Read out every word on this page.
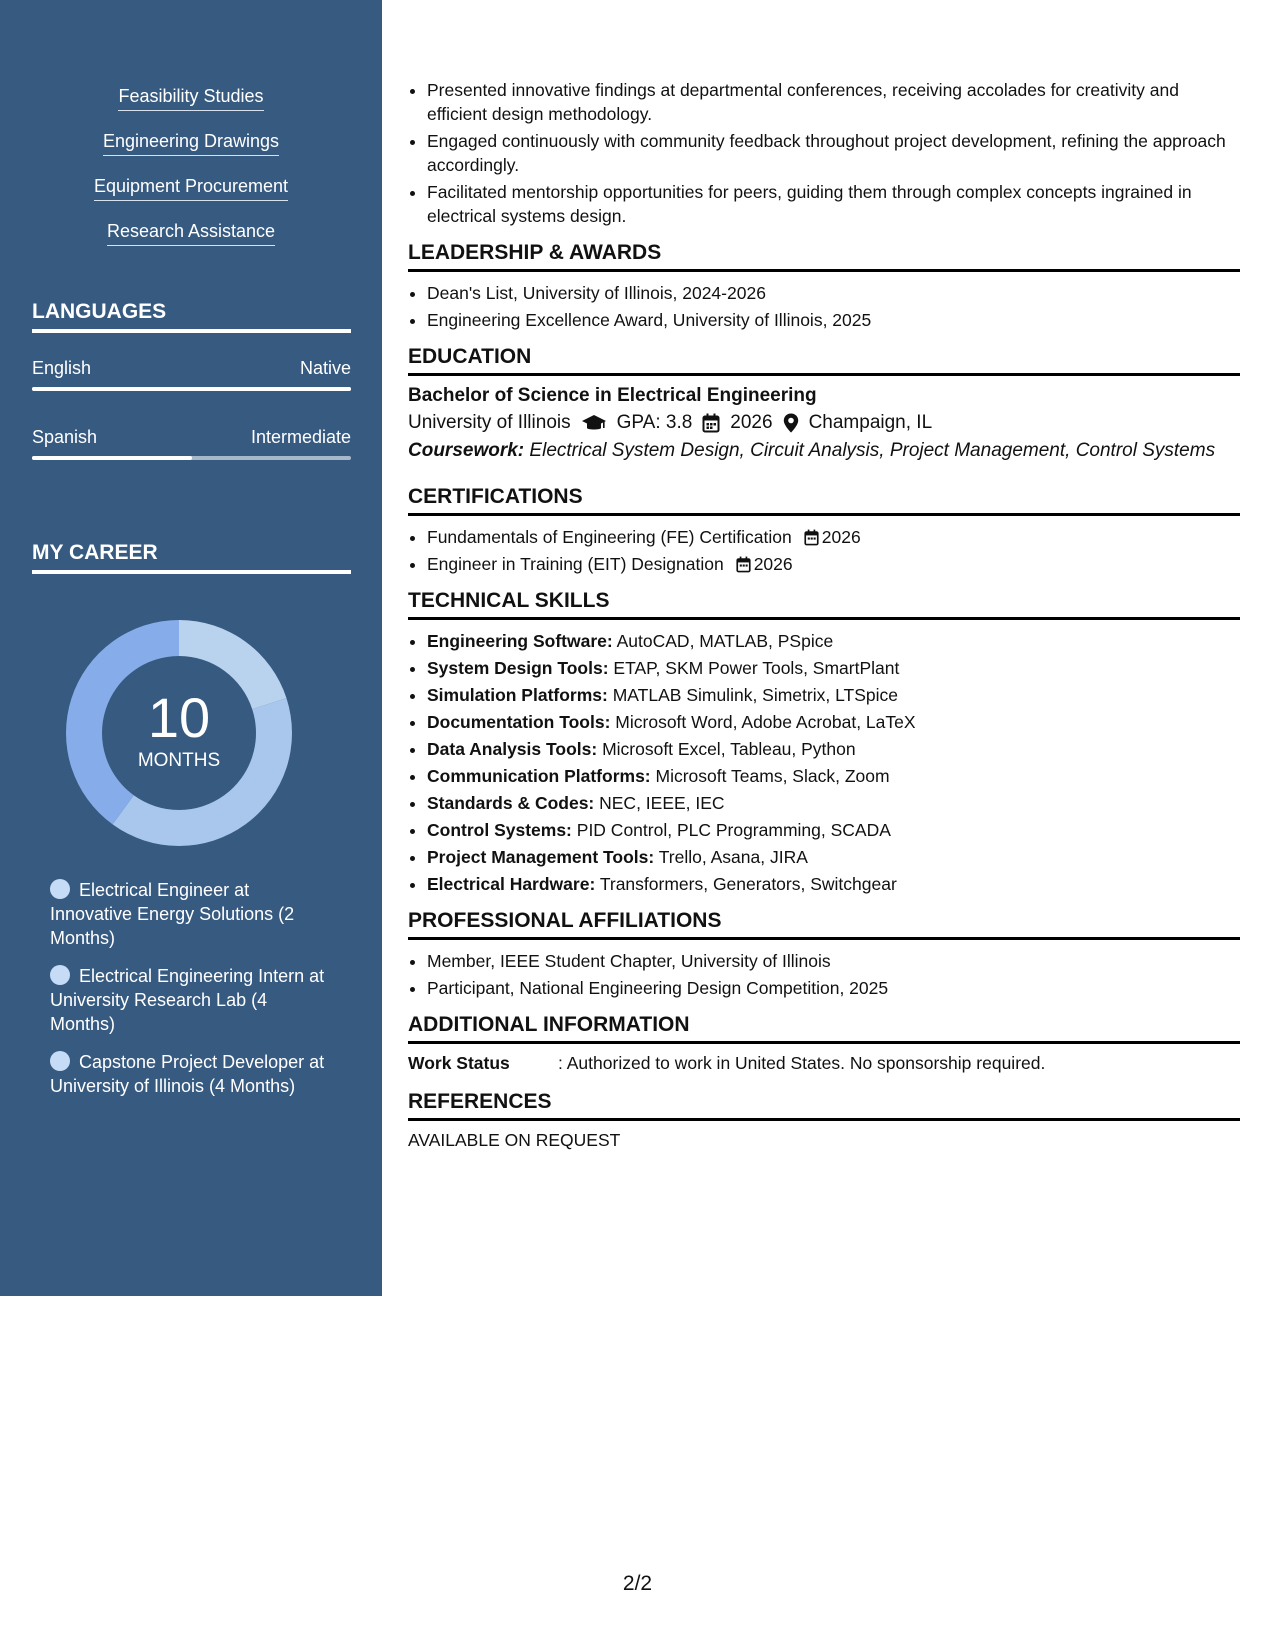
Feasibility Studies
Engineering Drawings
Equipment Procurement
Research Assistance
LANGUAGES
English	Native
Spanish	Intermediate
MY CAREER
10
MONTHS
Electrical Engineer at Innovative Energy Solutions (2 Months)
Electrical Engineering Intern at University Research Lab (4 Months)
Capstone Project Developer at University of Illinois (4 Months)
• Presented innovative findings at departmental conferences, receiving accolades for creativity and efficient design methodology.
• Engaged continuously with community feedback throughout project development, refining the approach accordingly.
• Facilitated mentorship opportunities for peers, guiding them through complex concepts ingrained in electrical systems design.
LEADERSHIP & AWARDS
• Dean's List, University of Illinois, 2024-2026
• Engineering Excellence Award, University of Illinois, 2025
EDUCATION
Bachelor of Science in Electrical Engineering
University of Illinois GPA: 3.8 2026 Champaign, IL
Coursework: Electrical System Design, Circuit Analysis, Project Management, Control Systems
CERTIFICATIONS
• Fundamentals of Engineering (FE) Certification 2026
• Engineer in Training (EIT) Designation 2026
TECHNICAL SKILLS
• Engineering Software: AutoCAD, MATLAB, PSpice
• System Design Tools: ETAP, SKM Power Tools, SmartPlant
• Simulation Platforms: MATLAB Simulink, Simetrix, LTSpice
• Documentation Tools: Microsoft Word, Adobe Acrobat, LaTeX
• Data Analysis Tools: Microsoft Excel, Tableau, Python
• Communication Platforms: Microsoft Teams, Slack, Zoom
• Standards & Codes: NEC, IEEE, IEC
• Control Systems: PID Control, PLC Programming, SCADA
• Project Management Tools: Trello, Asana, JIRA
• Electrical Hardware: Transformers, Generators, Switchgear
PROFESSIONAL AFFILIATIONS
• Member, IEEE Student Chapter, University of Illinois
• Participant, National Engineering Design Competition, 2025
ADDITIONAL INFORMATION
Work Status	: Authorized to work in United States. No sponsorship required.
REFERENCES
AVAILABLE ON REQUEST
2/2
